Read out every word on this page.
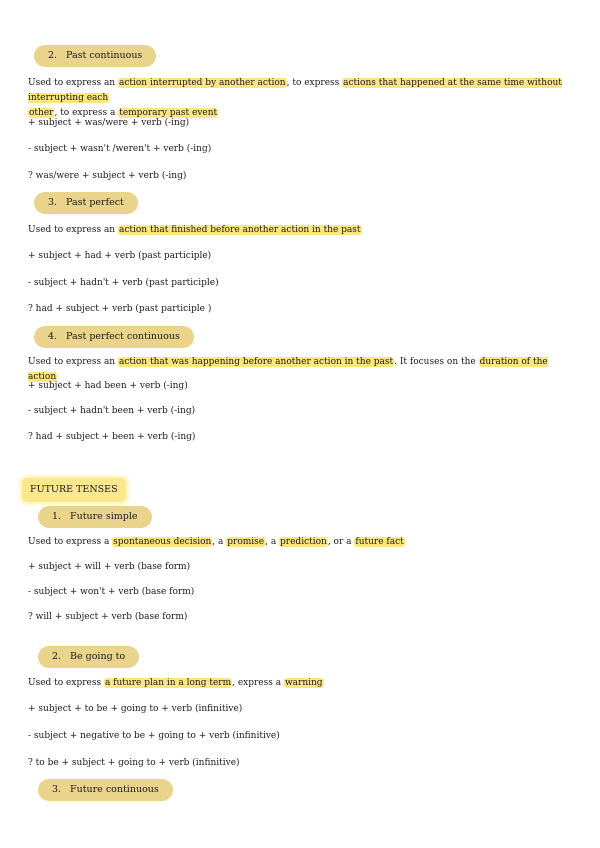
2. Past continuous
Used to express an action interrupted by another action, to express actions that happened at the same time without interrupting each
other, to express a temporary past event
+ subject + was/were + verb (-ing)
- subject + wasn't /weren't + verb (-ing)
? was/were + subject + verb (-ing)
3. Past perfect
Used to express an action that finished before another action in the past
+ subject + had + verb (past participle)
- subject + hadn't + verb (past participle)
? had + subject + verb (past participle )
4. Past perfect continuous
Used to express an action that was happening before another action in the past. It focuses on the duration of the action
+ subject + had been + verb (-ing)
- subject + hadn't been + verb (-ing)
? had + subject + been + verb (-ing)
FUTURE TENSES
1. Future simple
Used to express a spontaneous decision, a promise, a prediction, or a future fact
+ subject + will + verb (base form)
- subject + won't + verb (base form)
? will + subject + verb (base form)
2. Be going to
Used to express a future plan in a long term, express a warning
+ subject + to be + going to + verb (infinitive)
- subject + negative to be + going to + verb (infinitive)
? to be + subject + going to + verb (infinitive)
3. Future continuous
